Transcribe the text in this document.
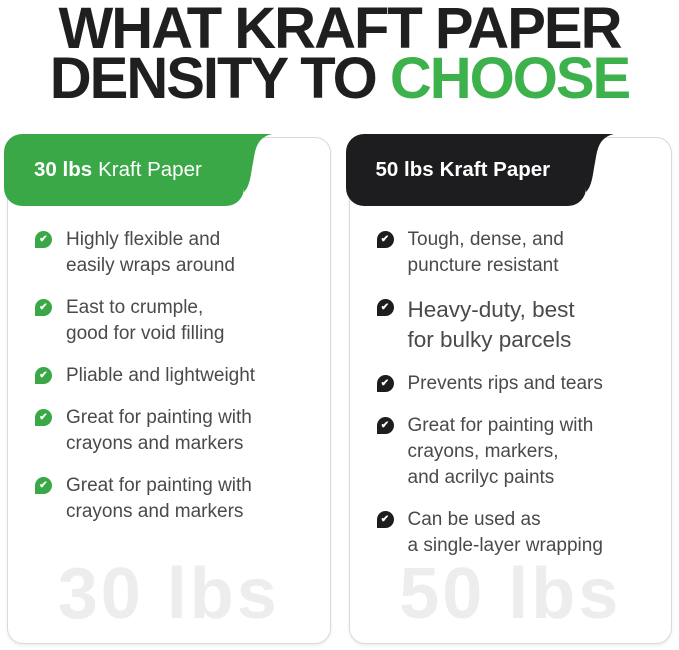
WHAT KRAFT PAPER
DENSITY TO CHOOSE
30 lbs Kraft Paper
✔ Highly flexible and
easily wraps around
✔ East to crumple,
good for void filling
✔ Pliable and lightweight
✔ Great for painting with
crayons and markers
✔ Great for painting with
crayons and markers
30 lbs
50 lbs Kraft Paper
✔ Tough, dense, and
puncture resistant
✔ Heavy-duty, best
for bulky parcels
✔ Prevents rips and tears
✔ Great for painting with
crayons, markers,
and acrilyc paints
✔ Can be used as
a single-layer wrapping
50 lbs
